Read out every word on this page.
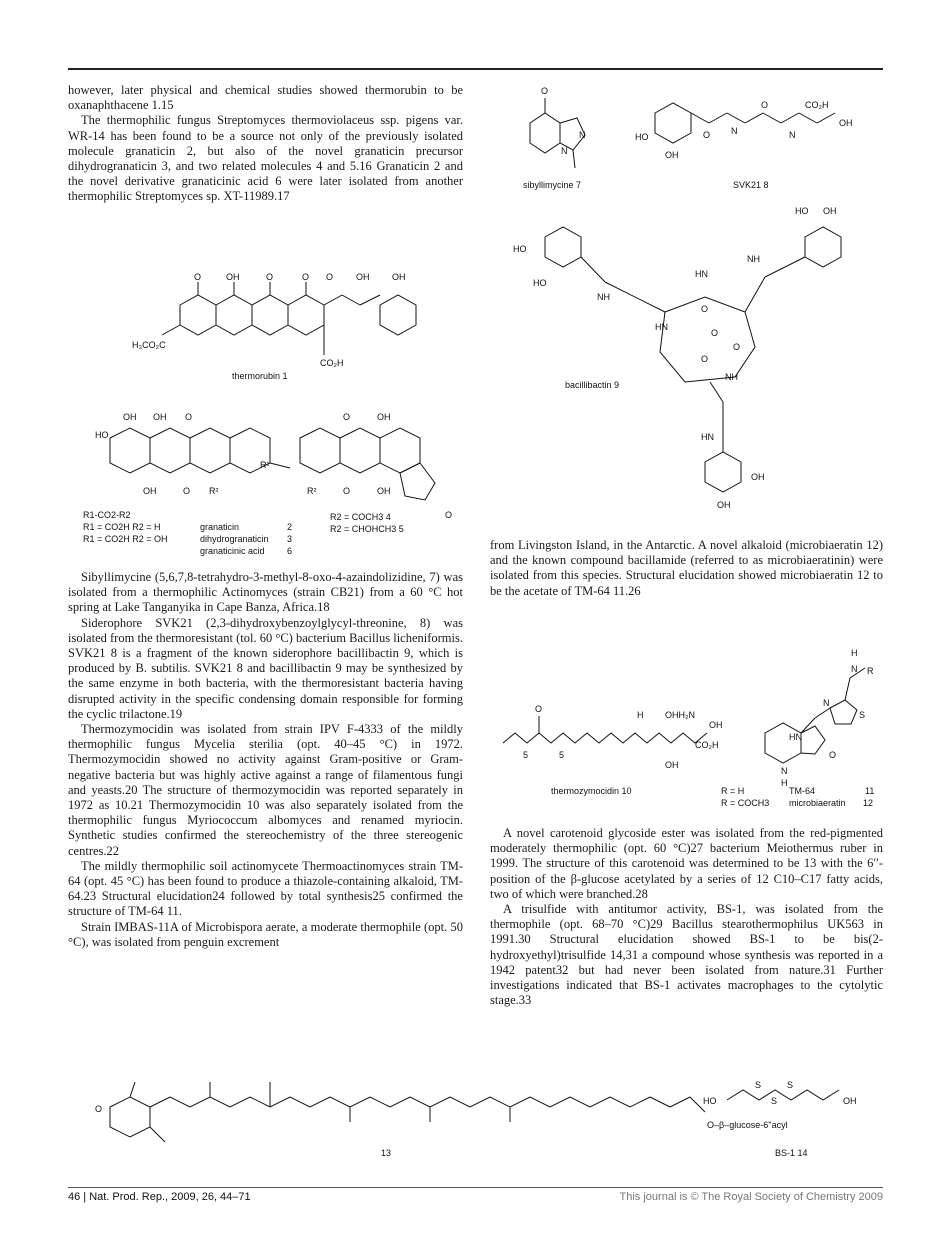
however, later physical and chemical studies showed thermorubin to be oxanaphthacene 1.15

The thermophilic fungus Streptomyces thermoviolaceus ssp. pigens var. WR-14 has been found to be a source not only of the previously isolated molecule granaticin 2, but also of the novel granaticin precursor dihydrogranaticin 3, and two related molecules 4 and 5.16 Granaticin 2 and the novel derivative granaticinic acid 6 were later isolated from another thermophilic Streptomyces sp. XT-11989.17

H₃CO₂C
O	OH	O	O O	OH	OH
CO₂H
thermorubin 1
HO
OH OH O
OH	O R²
R¹
O	OH
R²	O	OH
O
R1-CO2-R2
R1 = CO2H R2 = H	granaticin	2
R1 = CO2H R2 = OH	dihydrogranaticin 3
granaticinic acid 6
R2 = COCH3 4
R2 = CHOHCH3 5

Sibyllimycine (5,6,7,8-tetrahydro-3-methyl-8-oxo-4-azaindolizidine, 7) was isolated from a thermophilic Actinomyces (strain CB21) from a 60 °C hot spring at Lake Tanganyika in Cape Banza, Africa.18

Siderophore SVK21 (2,3-dihydroxybenzoylglycyl-threonine, 8) was isolated from the thermoresistant (tol. 60 °C) bacterium Bacillus licheniformis. SVK21 8 is a fragment of the known siderophore bacillibactin 9, which is produced by B. subtilis. SVK21 8 and bacillibactin 9 may be synthesized by the same enzyme in both bacteria, with the thermoresistant bacteria having disrupted activity in the specific condensing domain responsible for forming the cyclic trilactone.19

Thermozymocidin was isolated from strain IPV F-4333 of the mildly thermophilic fungus Mycelia sterilia (opt. 40–45 °C) in 1972. Thermozymocidin showed no activity against Gram-positive or Gram-negative bacteria but was highly active against a range of filamentous fungi and yeasts.20 The structure of thermozymocidin was reported separately in 1972 as 10.21 Thermozymocidin 10 was also separately isolated from the thermophilic fungus Myriococcum albomyces and renamed myriocin. Synthetic studies confirmed the stereochemistry of the three stereogenic centres.22

The mildly thermophilic soil actinomycete Thermoactinomyces strain TM-64 (opt. 45 °C) has been found to produce a thiazole-containing alkaloid, TM-64.23 Structural elucidation24 followed by total synthesis25 confirmed the structure of TM-64 11.

Strain IMBAS-11A of Microbispora aerate, a moderate thermophile (opt. 50 °C), was isolated from penguin excrement

O
N
N
HO
OH
O N
O
N
CO₂H
OH
sibyllimycine 7	SVK21 8
HO
HO
NH
HO OH
NH
HN
HN
O
O
O
O
NH
HN
OH
OH
bacillibactin 9

from Livingston Island, in the Antarctic. A novel alkaloid (microbiaeratin 12) and the known compound bacillamide (referred to as microbiaeratinin) were isolated from this species. Structural elucidation showed microbiaeratin 12 to be the acetate of TM-64 11.26

O
5	5
H OHH₂N
OH
CO₂H
OH
H
N R
N
S
HN
O
N
H
thermozymocidin 10	R = H	TM-64	11
R = COCH3 microbiaeratin 12

A novel carotenoid glycoside ester was isolated from the red-pigmented moderately thermophilic (opt. 60 °C)27 bacterium Meiothermus ruber in 1999. The structure of this carotenoid was determined to be 13 with the 6′′-position of the β-glucose acetylated by a series of 12 C10–C17 fatty acids, two of which were branched.28

A trisulfide with antitumor activity, BS-1, was isolated from the thermophile (opt. 68–70 °C)29 Bacillus stearothermophilus UK563 in 1991.30 Structural elucidation showed BS-1 to be bis(2-hydroxyethyl)trisulfide 14,31 a compound whose synthesis was reported in a 1942 patent32 but had never been isolated from nature.31 Further investigations indicated that BS-1 activates macrophages to the cytolytic stage.33

O
O–β–glucose-6''acyl
13
HO
S
S
S
OH
BS-1 14
46 | Nat. Prod. Rep., 2009, 26, 44–71	This journal is © The Royal Society of Chemistry 2009
